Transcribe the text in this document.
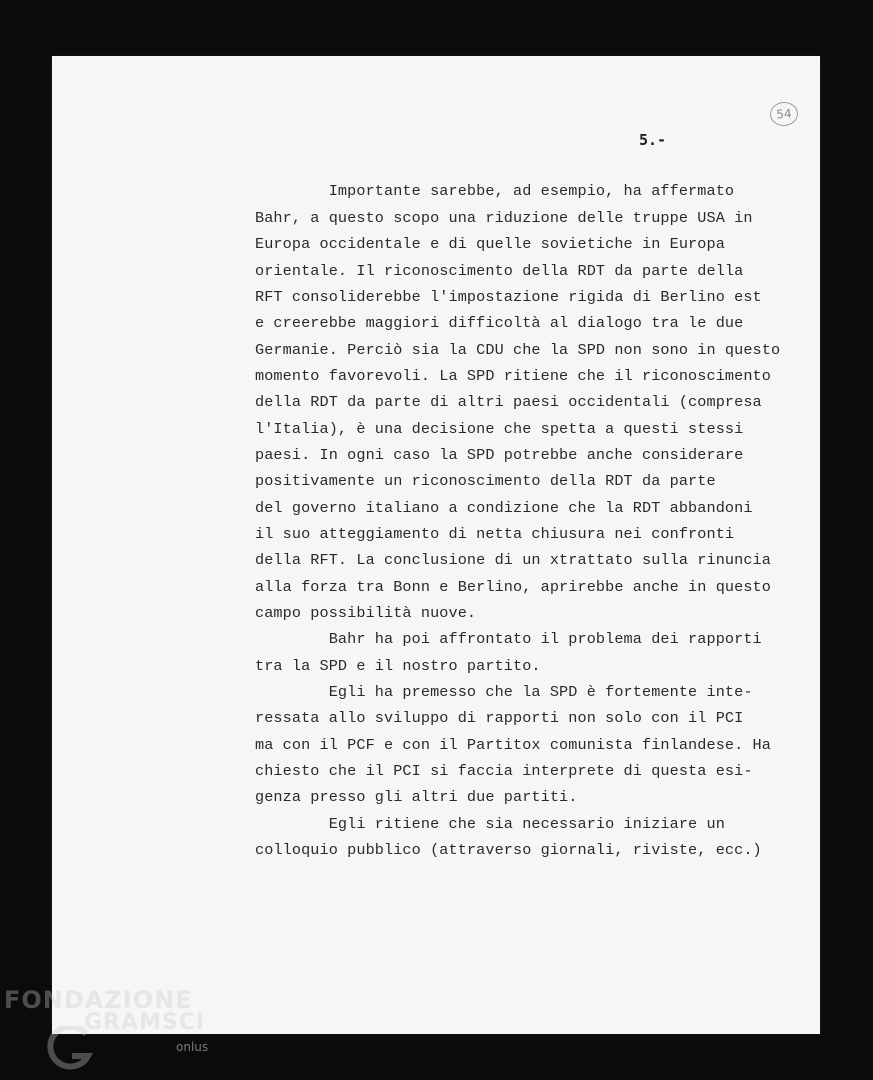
54
5.-
Importante sarebbe, ad esempio, ha affermato
Bahr, a questo scopo una riduzione delle truppe USA in
Europa occidentale e di quelle sovietiche in Europa
orientale. Il riconoscimento della RDT da parte della
RFT consoliderebbe l'impostazione rigida di Berlino est
e creerebbe maggiori difficoltà al dialogo tra le due
Germanie. Perciò sia la CDU che la SPD non sono in questo
momento favorevoli. La SPD ritiene che il riconoscimento
della RDT da parte di altri paesi occidentali (compresa
l'Italia), è una decisione che spetta a questi stessi
paesi. In ogni caso la SPD potrebbe anche considerare
positivamente un riconoscimento della RDT da parte
del governo italiano a condizione che la RDT abbandoni
il suo atteggiamento di netta chiusura nei confronti
della RFT. La conclusione di un xtrattato sulla rinuncia
alla forza tra Bonn e Berlino, aprirebbe anche in questo
campo possibilità nuove.
Bahr ha poi affrontato il problema dei rapporti
tra la SPD e il nostro partito.
Egli ha premesso che la SPD è fortemente inte-
ressata allo sviluppo di rapporti non solo con il PCI
ma con il PCF e con il Partitox comunista finlandese. Ha
chiesto che il PCI si faccia interprete di questa esi-
genza presso gli altri due partiti.
Egli ritiene che sia necessario iniziare un
colloquio pubblico (attraverso giornali, riviste, ecc.)
FONDAZIONE
GRAMSCI
onlus
